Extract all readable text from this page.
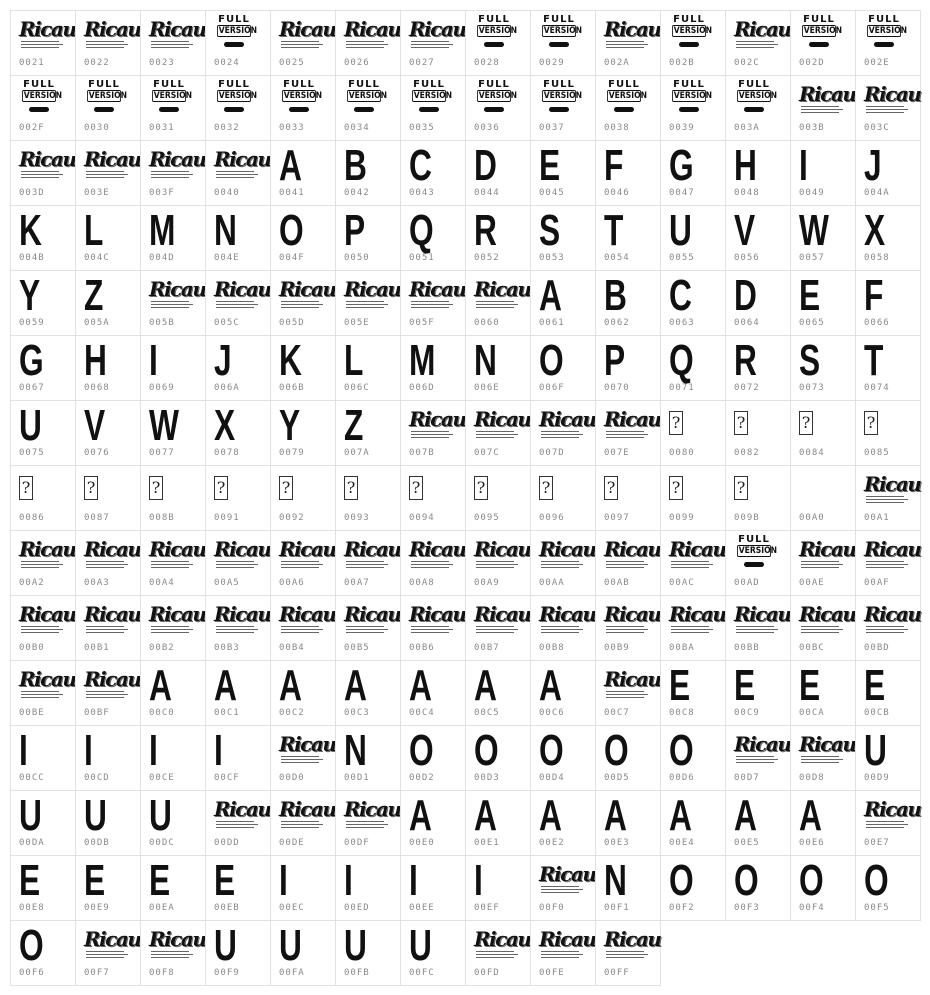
Ricau
0021
Ricau
0022
Ricau
0023
FULL
VERSION
0024
Ricau
0025
Ricau
0026
Ricau
0027
FULL
VERSION
0028
FULL
VERSION
0029
Ricau
002A
FULL
VERSION
002B
Ricau
002C
FULL
VERSION
002D
FULL
VERSION
002E
FULL
VERSION
002F
FULL
VERSION
0030
FULL
VERSION
0031
FULL
VERSION
0032
FULL
VERSION
0033
FULL
VERSION
0034
FULL
VERSION
0035
FULL
VERSION
0036
FULL
VERSION
0037
FULL
VERSION
0038
FULL
VERSION
0039
FULL
VERSION
003A
Ricau
003B
Ricau
003C
Ricau
003D
Ricau
003E
Ricau
003F
Ricau
0040
A
0041
B
0042
C
0043
D
0044
E
0045
F
0046
G
0047
H
0048
I
0049
J
004A
K
004B
L
004C
M
004D
N
004E
O
004F
P
0050
Q
0051
R
0052
S
0053
T
0054
U
0055
V
0056
W
0057
X
0058
Y
0059
Z
005A
Ricau
005B
Ricau
005C
Ricau
005D
Ricau
005E
Ricau
005F
Ricau
0060
A
0061
B
0062
C
0063
D
0064
E
0065
F
0066
G
0067
H
0068
I
0069
J
006A
K
006B
L
006C
M
006D
N
006E
O
006F
P
0070
Q
0071
R
0072
S
0073
T
0074
U
0075
V
0076
W
0077
X
0078
Y
0079
Z
007A
Ricau
007B
Ricau
007C
Ricau
007D
Ricau
007E
?
0080
?
0082
?
0084
?
0085
?
0086
?
0087
?
008B
?
0091
?
0092
?
0093
?
0094
?
0095
?
0096
?
0097
?
0099
?
009B	00A0
Ricau
00A1
Ricau
00A2
Ricau
00A3
Ricau
00A4
Ricau
00A5
Ricau
00A6
Ricau
00A7
Ricau
00A8
Ricau
00A9
Ricau
00AA
Ricau
00AB
Ricau
00AC
FULL
VERSION
00AD
Ricau
00AE
Ricau
00AF
Ricau
00B0
Ricau
00B1
Ricau
00B2
Ricau
00B3
Ricau
00B4
Ricau
00B5
Ricau
00B6
Ricau
00B7
Ricau
00B8
Ricau
00B9
Ricau
00BA
Ricau
00BB
Ricau
00BC
Ricau
00BD
Ricau
00BE
Ricau
00BF
A
00C0
A
00C1
A
00C2
A
00C3
A
00C4
A
00C5
A
00C6
Ricau
00C7
E
00C8
E
00C9
E
00CA
E
00CB
I
00CC
I
00CD
I
00CE
I
00CF
Ricau
00D0
N
00D1
O
00D2
O
00D3
O
00D4
O
00D5
O
00D6
Ricau
00D7
Ricau
00D8
U
00D9
U
00DA
U
00DB
U
00DC
Ricau
00DD
Ricau
00DE
Ricau
00DF
A
00E0
A
00E1
A
00E2
A
00E3
A
00E4
A
00E5
A
00E6
Ricau
00E7
E
00E8
E
00E9
E
00EA
E
00EB
I
00EC
I
00ED
I
00EE
I
00EF
Ricau
00F0
N
00F1
O
00F2
O
00F3
O
00F4
O
00F5
O
00F6
Ricau
00F7
Ricau
00F8
U
00F9
U
00FA
U
00FB
U
00FC
Ricau
00FD
Ricau
00FE
Ricau
00FF
